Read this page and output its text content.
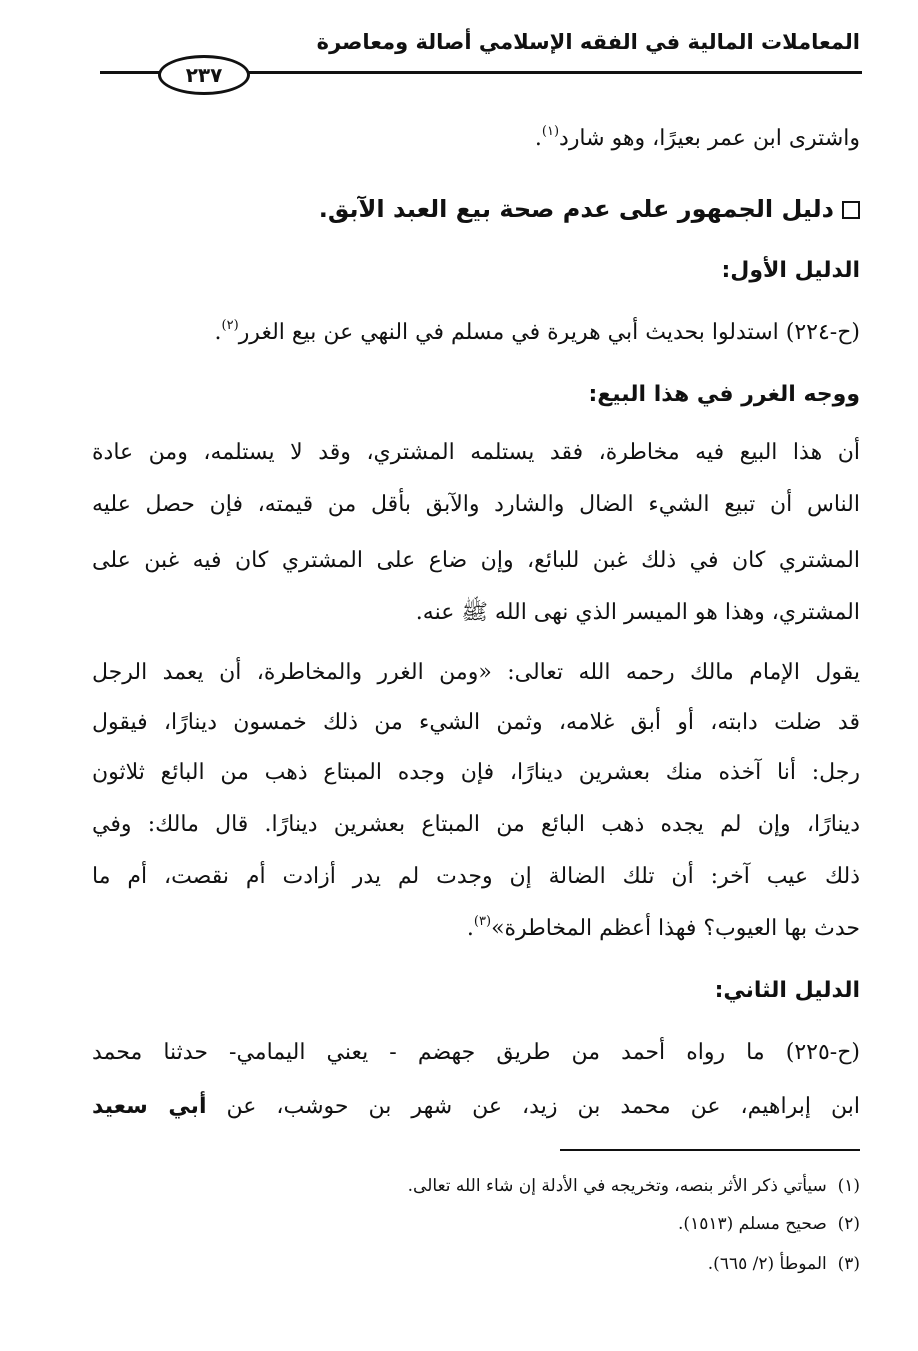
المعاملات المالية في الفقه الإسلامي أصالة ومعاصرة
٢٣٧
واشترى ابن عمر بعيرًا، وهو شارد$^{(١)}$.
دليل الجمهور على عدم صحة بيع العبد الآبق.
الدليل الأول:
(ح-٢٢٤) استدلوا بحديث أبي هريرة في مسلم في النهي عن بيع الغرر$^{(٢)}$.
ووجه الغرر في هذا البيع:
أن هذا البيع فيه مخاطرة، فقد يستلمه المشتري، وقد لا يستلمه، ومن عادة
الناس أن تبيع الشيء الضال والشارد والآبق بأقل من قيمته، فإن حصل عليه
المشتري كان في ذلك غبن للبائع، وإن ضاع على المشتري كان فيه غبن على
المشتري، وهذا هو الميسر الذي نهى الله ﷺ عنه.
يقول الإمام مالك رحمه الله تعالى: «ومن الغرر والمخاطرة، أن يعمد الرجل
قد ضلت دابته، أو أبق غلامه، وثمن الشيء من ذلك خمسون دينارًا، فيقول
رجل: أنا آخذه منك بعشرين دينارًا، فإن وجده المبتاع ذهب من البائع ثلاثون
دينارًا، وإن لم يجده ذهب البائع من المبتاع بعشرين دينارًا. قال مالك: وفي
ذلك عيب آخر: أن تلك الضالة إن وجدت لم يدر أزادت أم نقصت، أم ما
حدث بها العيوب؟ فهذا أعظم المخاطرة»$^{(٣)}$.
الدليل الثاني:
(ح-٢٢٥) ما رواه أحمد من طريق جهضم - يعني اليمامي- حدثنا محمد
ابن إبراهيم، عن محمد بن زيد، عن شهر بن حوشب، عن أبي سعيد
(١)  سيأتي ذكر الأثر بنصه، وتخريجه في الأدلة إن شاء الله تعالى.
(٢)  صحيح مسلم (١٥١٣).
(٣)  الموطأ (٢/ ٦٦٥).
